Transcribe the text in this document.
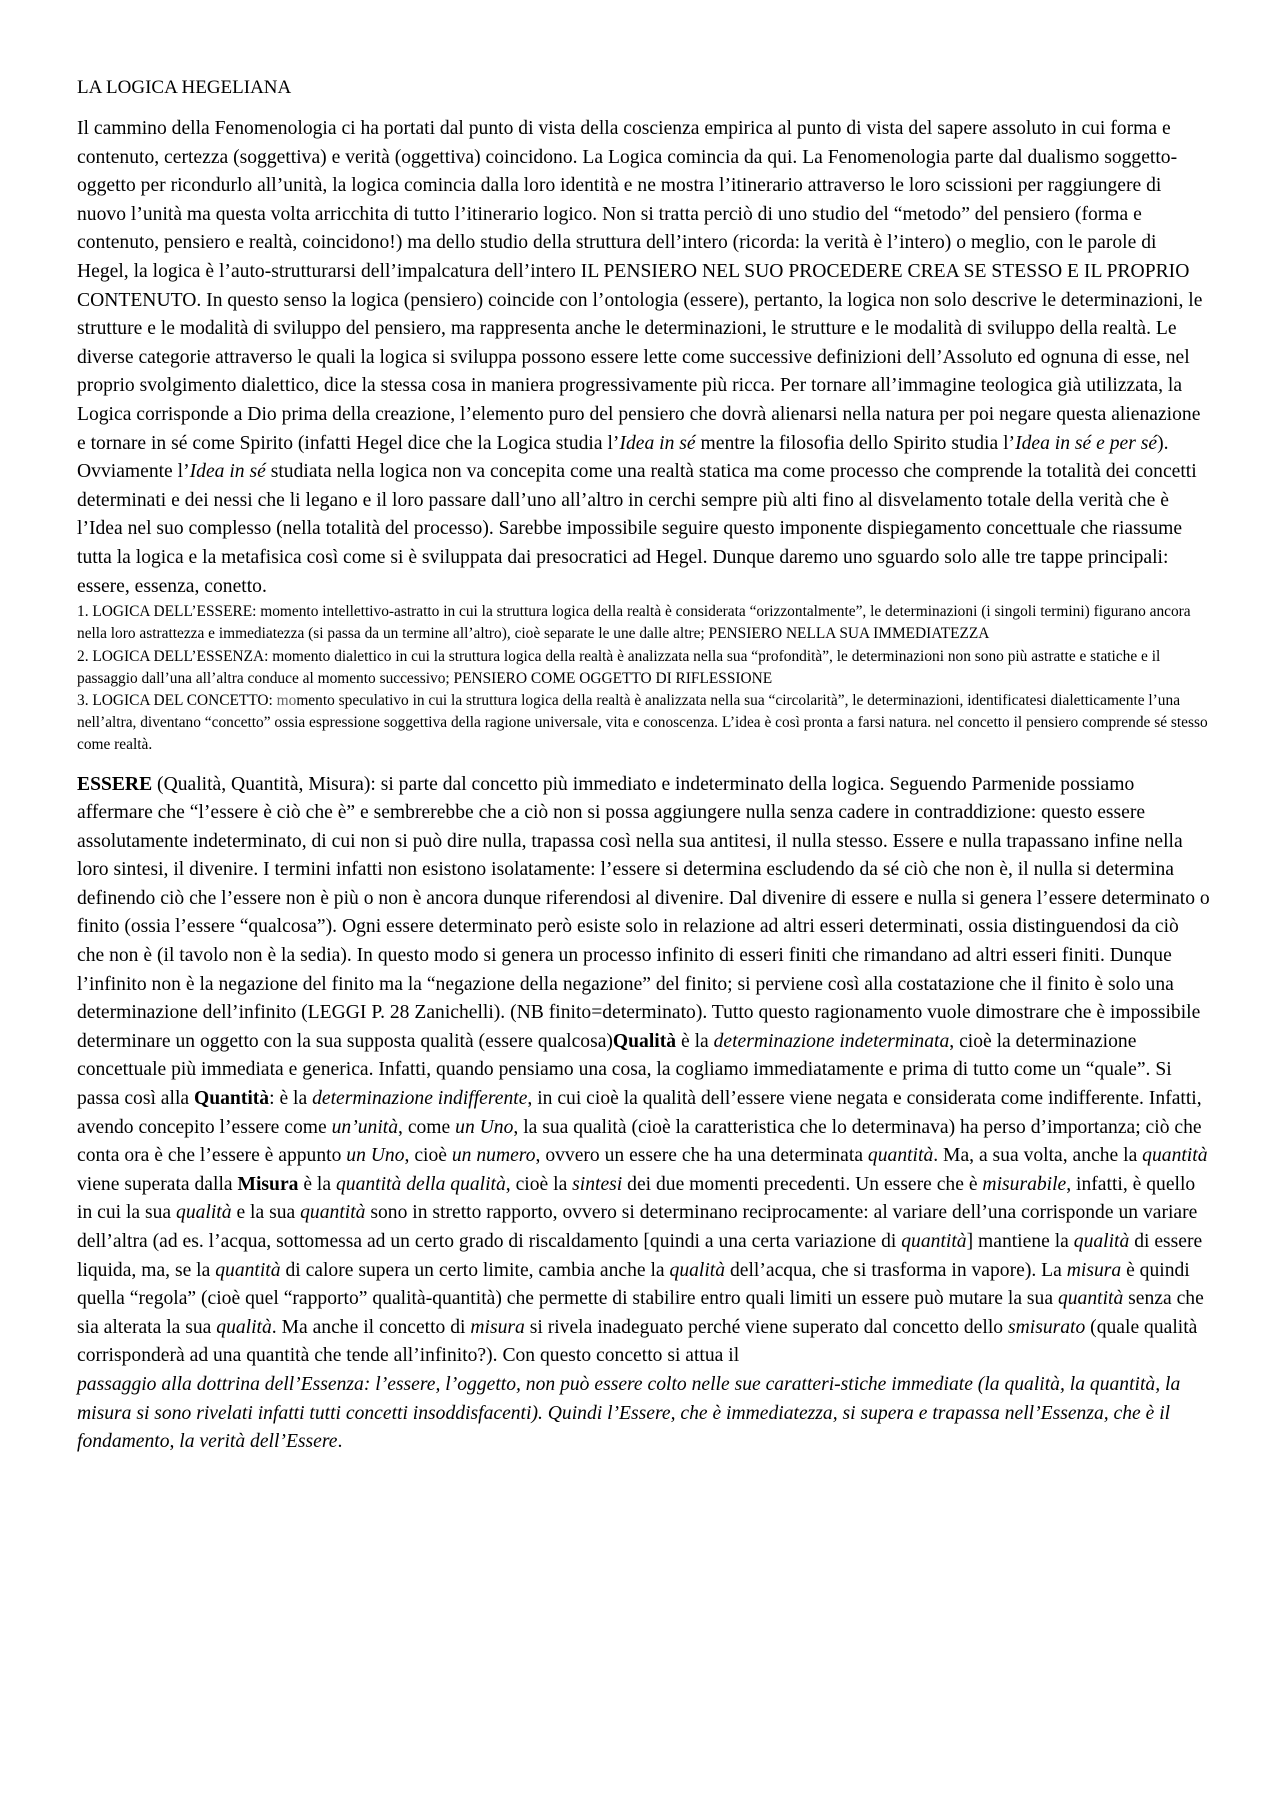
LA LOGICA HEGELIANA

Il cammino della Fenomenologia ci ha portati dal punto di vista della coscienza empirica al punto di vista del sapere assoluto in cui forma e contenuto, certezza (soggettiva) e verità (oggettiva) coincidono. La Logica comincia da qui. La Fenomenologia parte dal dualismo soggetto-oggetto per ricondurlo all’unità, la logica comincia dalla loro identità e ne mostra l’itinerario attraverso le loro scissioni per raggiungere di nuovo l’unità ma questa volta arricchita di tutto l’itinerario logico. Non si tratta perciò di uno studio del “metodo” del pensiero (forma e contenuto, pensiero e realtà, coincidono!) ma dello studio della struttura dell’intero (ricorda: la verità è l’intero) o meglio, con le parole di Hegel, la logica è l’auto-strutturarsi dell’impalcatura dell’intero IL PENSIERO NEL SUO PROCEDERE CREA SE STESSO E IL PROPRIO CONTENUTO. In questo senso la logica (pensiero) coincide con l’ontologia (essere), pertanto, la logica non solo descrive le determinazioni, le strutture e le modalità di sviluppo del pensiero, ma rappresenta anche le determinazioni, le strutture e le modalità di sviluppo della realtà. Le diverse categorie attraverso le quali la logica si sviluppa possono essere lette come successive definizioni dell’Assoluto ed ognuna di esse, nel proprio svolgimento dialettico, dice la stessa cosa in maniera progressivamente più ricca. Per tornare all’immagine teologica già utilizzata, la Logica corrisponde a Dio prima della creazione, l’elemento puro del pensiero che dovrà alienarsi nella natura per poi negare questa alienazione e tornare in sé come Spirito (infatti Hegel dice che la Logica studia l’Idea in sé mentre la filosofia dello Spirito studia l’Idea in sé e per sé). Ovviamente l’Idea in sé studiata nella logica non va concepita come una realtà statica ma come processo che comprende la totalità dei concetti determinati e dei nessi che li legano e il loro passare dall’uno all’altro in cerchi sempre più alti fino al disvelamento totale della verità che è l’Idea nel suo complesso (nella totalità del processo). Sarebbe impossibile seguire questo imponente dispiegamento concettuale che riassume tutta la logica e la metafisica così come si è sviluppata dai presocratici ad Hegel. Dunque daremo uno sguardo solo alle tre tappe principali: essere, essenza, conetto.

1. LOGICA DELL’ESSERE: momento intellettivo-astratto in cui la struttura logica della realtà è considerata “orizzontalmente”, le determinazioni (i singoli termini) figurano ancora nella loro astrattezza e immediatezza (si passa da un termine all’altro), cioè separate le une dalle altre; PENSIERO NELLA SUA IMMEDIATEZZA

2. LOGICA DELL’ESSENZA: momento dialettico in cui la struttura logica della realtà è analizzata nella sua “profondità”, le determinazioni non sono più astratte e statiche e il passaggio dall’una all’altra conduce al momento successivo; PENSIERO COME OGGETTO DI RIFLESSIONE

3. LOGICA DEL CONCETTO: momento speculativo in cui la struttura logica della realtà è analizzata nella sua “circolarità”, le determinazioni, identificatesi dialetticamente l’una nell’altra, diventano “concetto” ossia espressione soggettiva della ragione universale, vita e conoscenza. L’idea è così pronta a farsi natura. nel concetto il pensiero comprende sé stesso come realtà.

ESSERE (Qualità, Quantità, Misura): si parte dal concetto più immediato e indeterminato della logica. Seguendo Parmenide possiamo affermare che “l’essere è ciò che è” e sembrerebbe che a ciò non si possa aggiungere nulla senza cadere in contraddizione: questo essere assolutamente indeterminato, di cui non si può dire nulla, trapassa così nella sua antitesi, il nulla stesso. Essere e nulla trapassano infine nella loro sintesi, il divenire. I termini infatti non esistono isolatamente: l’essere si determina escludendo da sé ciò che non è, il nulla si determina definendo ciò che l’essere non è più o non è ancora dunque riferendosi al divenire. Dal divenire di essere e nulla si genera l’essere determinato o finito (ossia l’essere “qualcosa”). Ogni essere determinato però esiste solo in relazione ad altri esseri determinati, ossia distinguendosi da ciò che non è (il tavolo non è la sedia). In questo modo si genera un processo infinito di esseri finiti che rimandano ad altri esseri finiti. Dunque l’infinito non è la negazione del finito ma la “negazione della negazione” del finito; si perviene così alla costatazione che il finito è solo una determinazione dell’infinito (LEGGI P. 28 Zanichelli). (NB finito=determinato). Tutto questo ragionamento vuole dimostrare che è impossibile determinare un oggetto con la sua supposta qualità (essere qualcosa)Qualità è la determinazione indeterminata, cioè la determinazione concettuale più immediata e generica. Infatti, quando pensiamo una cosa, la cogliamo immediatamente e prima di tutto come un “quale”. Si passa così alla Quantità: è la determinazione indifferente, in cui cioè la qualità dell’essere viene negata e considerata come indifferente. Infatti, avendo concepito l’essere come un’unità, come un Uno, la sua qualità (cioè la caratteristica che lo determinava) ha perso d’importanza; ciò che conta ora è che l’essere è appunto un Uno, cioè un numero, ovvero un essere che ha una determinata quantità. Ma, a sua volta, anche la quantità viene superata dalla Misura è la quantità della qualità, cioè la sintesi dei due momenti precedenti. Un essere che è misurabile, infatti, è quello in cui la sua qualità e la sua quantità sono in stretto rapporto, ovvero si determinano reciprocamente: al variare dell’una corrisponde un variare dell’altra (ad es. l’acqua, sottomessa ad un certo grado di riscaldamento [quindi a una certa variazione di quantità] mantiene la qualità di essere liquida, ma, se la quantità di calore supera un certo limite, cambia anche la qualità dell’acqua, che si trasforma in vapore). La misura è quindi quella “regola” (cioè quel “rapporto” qualità-quantità) che permette di stabilire entro quali limiti un essere può mutare la sua quantità senza che sia alterata la sua qualità. Ma anche il concetto di misura si rivela inadeguato perché viene superato dal concetto dello smisurato (quale qualità corrisponderà ad una quantità che tende all’infinito?). Con questo concetto si attua il
passaggio alla dottrina dell’Essenza: l’essere, l’oggetto, non può essere colto nelle sue caratteri-stiche immediate (la qualità, la quantità, la misura si sono rivelati infatti tutti concetti insoddisfacenti). Quindi l’Essere, che è immediatezza, si supera e trapassa nell’Essenza, che è il fondamento, la verità dell’Essere.
